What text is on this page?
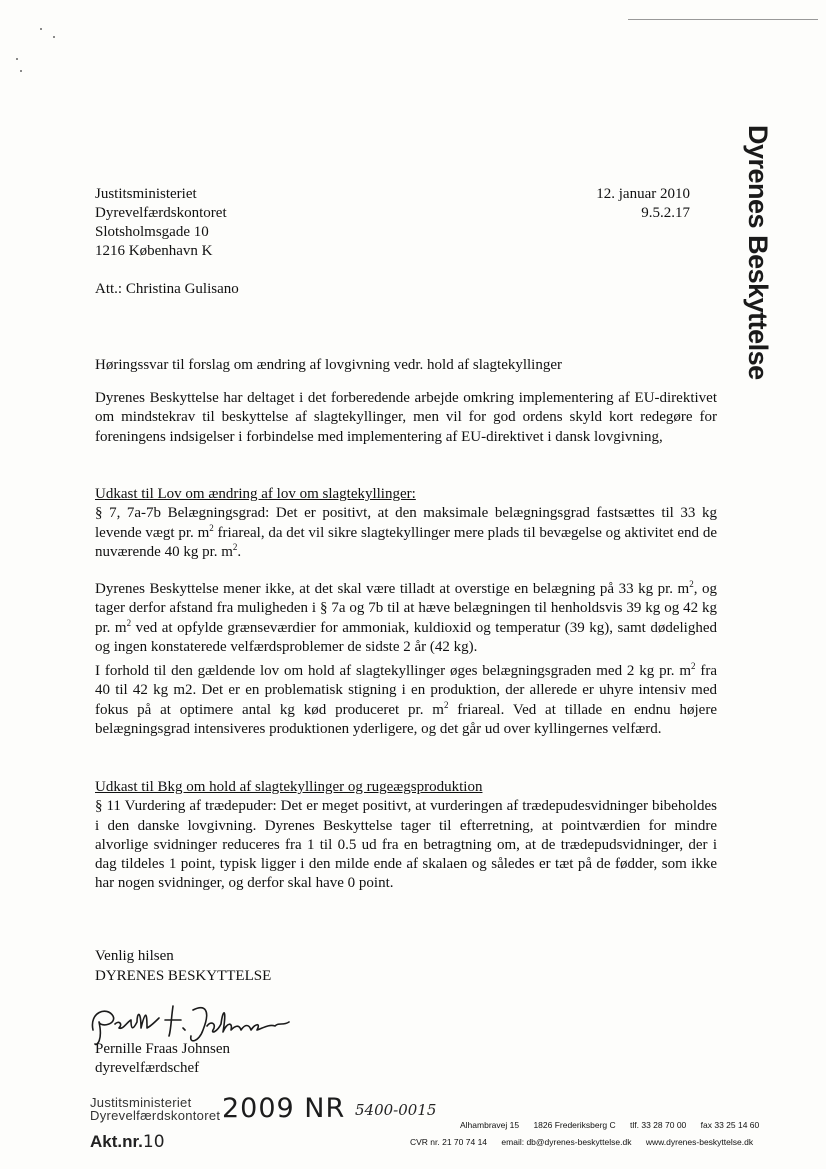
Dyrenes Beskyttelse
Justitsministeriet
Dyrevelfærdskontoret
Slotsholmsgade 10
1216 København K
12. januar 2010
9.5.2.17
Att.: Christina Gulisano
Høringssvar til forslag om ændring af lovgivning vedr. hold af slagtekyllinger

Dyrenes Beskyttelse har deltaget i det forberedende arbejde omkring implementering af EU-direktivet om mindstekrav til beskyttelse af slagtekyllinger, men vil for god ordens skyld kort redegøre for foreningens indsigelser i forbindelse med implementering af EU-direktivet i dansk lovgivning,

Udkast til Lov om ændring af lov om slagtekyllinger:

§ 7, 7a-7b Belægningsgrad: Det er positivt, at den maksimale belægningsgrad fastsættes til 33 kg levende vægt pr. $m^2$ friareal, da det vil sikre slagtekyllinger mere plads til bevægelse og aktivitet end de nuværende 40 kg pr. $m^2$.

Dyrenes Beskyttelse mener ikke, at det skal være tilladt at overstige en belægning på 33 kg pr. $m^2$, og tager derfor afstand fra muligheden i § 7a og 7b til at hæve belægningen til henholdsvis 39 kg og 42 kg pr. $m^2$ ved at opfylde grænseværdier for ammoniak, kuldioxid og temperatur (39 kg), samt dødelighed og ingen konstaterede velfærdsproblemer de sidste 2 år (42 kg).

I forhold til den gældende lov om hold af slagtekyllinger øges belægningsgraden med 2 kg pr. $m^2$ fra 40 til 42 kg m2. Det er en problematisk stigning i en produktion, der allerede er uhyre intensiv med fokus på at optimere antal kg kød produceret pr. $m^2$ friareal. Ved at tillade en endnu højere belægningsgrad intensiveres produktionen yderligere, og det går ud over kyllingernes velfærd.

Udkast til Bkg om hold af slagtekyllinger og rugeægsproduktion

§ 11 Vurdering af trædepuder: Det er meget positivt, at vurderingen af trædepudesvidninger bibeholdes i den danske lovgivning. Dyrenes Beskyttelse tager til efterretning, at pointværdien for mindre alvorlige svidninger reduceres fra 1 til 0.5 ud fra en betragtning om, at de trædepudsvidninger, der i dag tildeles 1 point, typisk ligger i den milde ende af skalaen og således er tæt på de fødder, som ikke har nogen svidninger, og derfor skal have 0 point.

Venlig hilsen
DYRENES BESKYTTELSE
Pernille Fraas Johnsen
dyrevelfærdschef
Justitsministeriet
Dyrevelfærdskontoret
Akt.nr.10
2009 NR 5400-0015
Alhambravej 15 1826 Frederiksberg C tlf. 33 28 70 00 fax 33 25 14 60
CVR nr. 21 70 74 14 email: db@dyrenes-beskyttelse.dk www.dyrenes-beskyttelse.dk
